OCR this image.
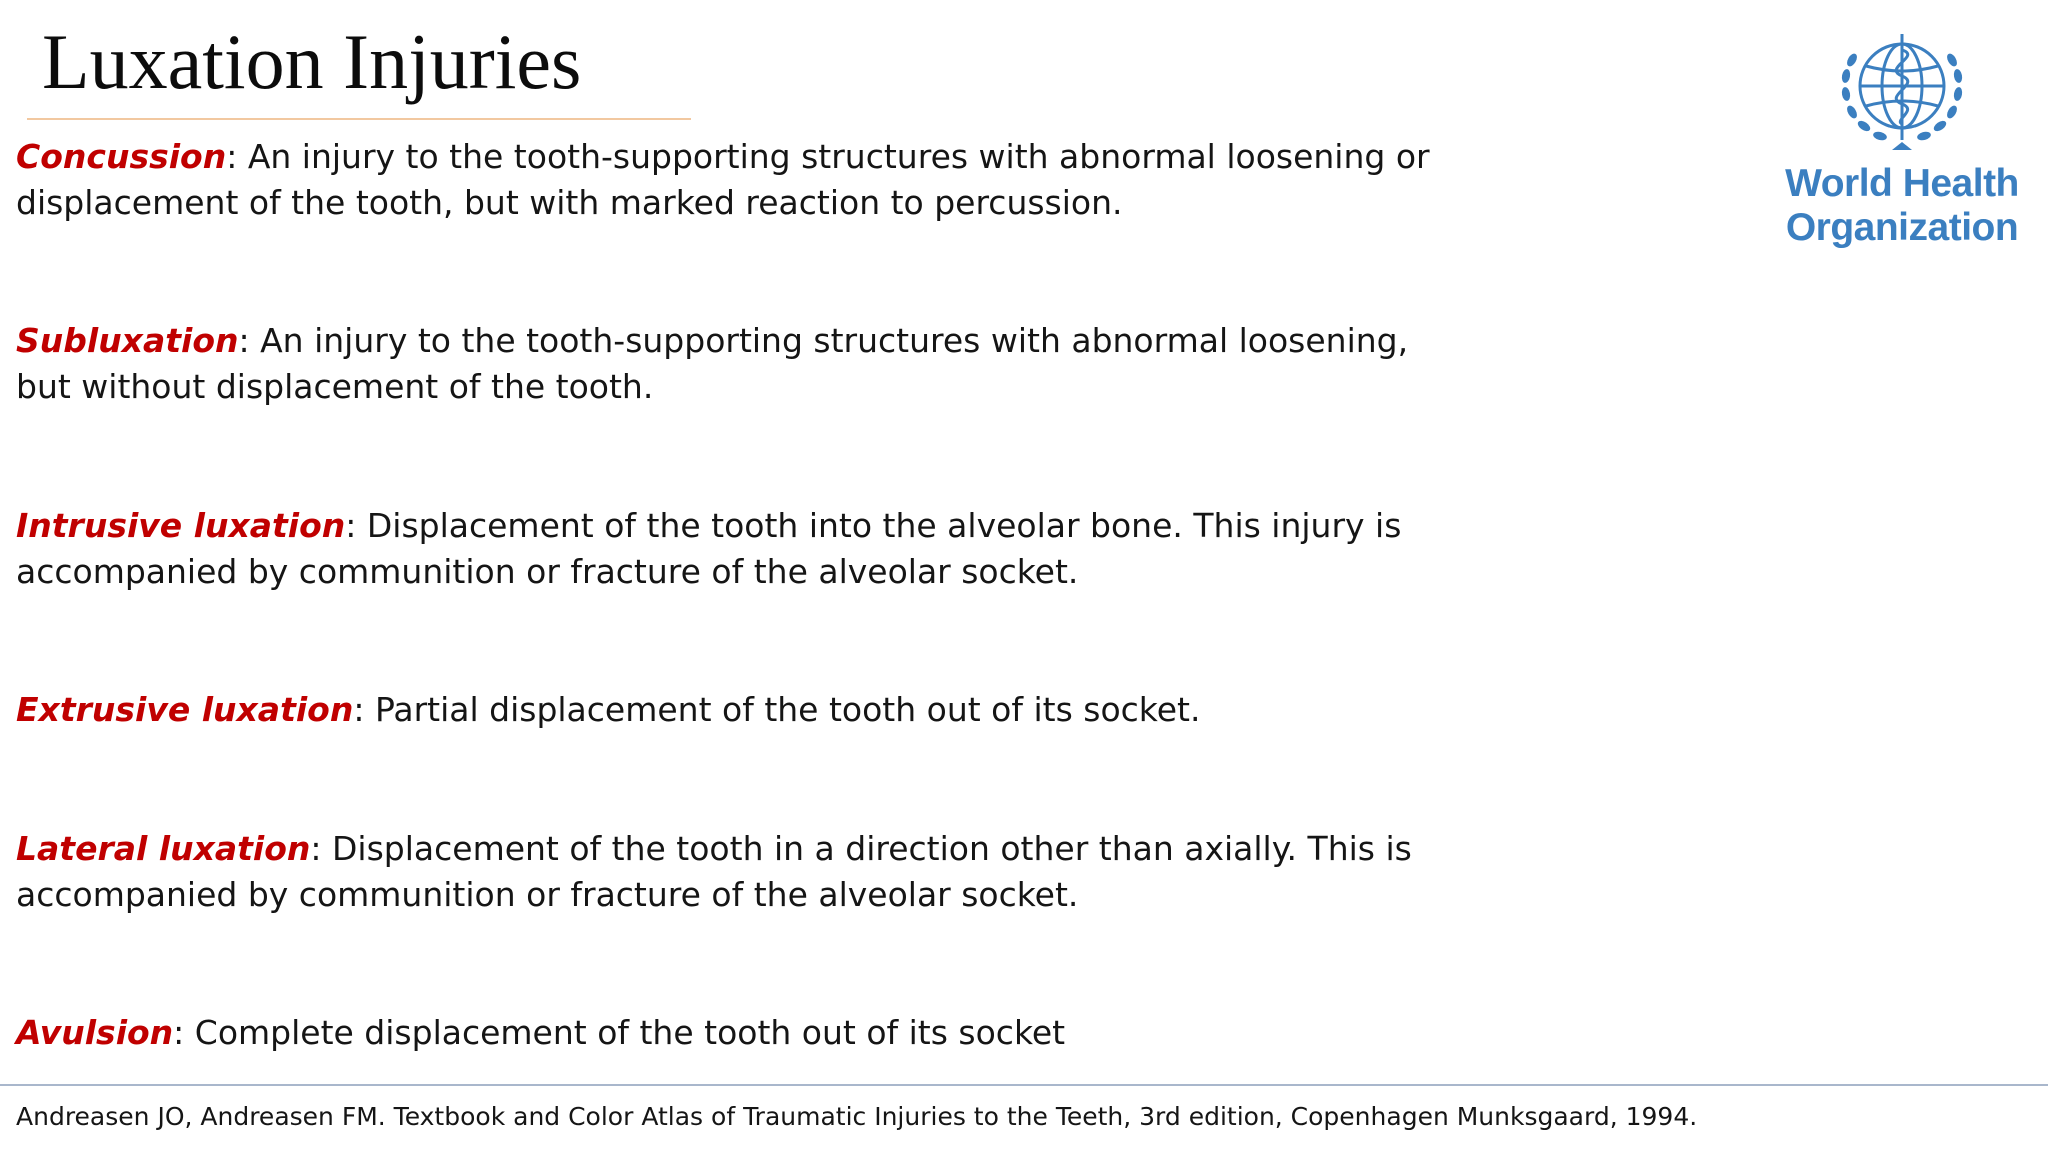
Luxation Injuries
World Health
Organization
Concussion: An injury to the tooth-supporting structures with abnormal loosening or displacement of the tooth, but with marked reaction to percussion.
Subluxation: An injury to the tooth-supporting structures with abnormal loosening, but without displacement of the tooth.
Intrusive luxation: Displacement of the tooth into the alveolar bone. This injury is accompanied by communition or fracture of the alveolar socket.
Extrusive luxation: Partial displacement of the tooth out of its socket.
Lateral luxation: Displacement of the tooth in a direction other than axially. This is accompanied by communition or fracture of the alveolar socket.
Avulsion: Complete displacement of the tooth out of its socket
Andreasen JO, Andreasen FM. Textbook and Color Atlas of Traumatic Injuries to the Teeth, 3rd edition, Copenhagen Munksgaard, 1994.
